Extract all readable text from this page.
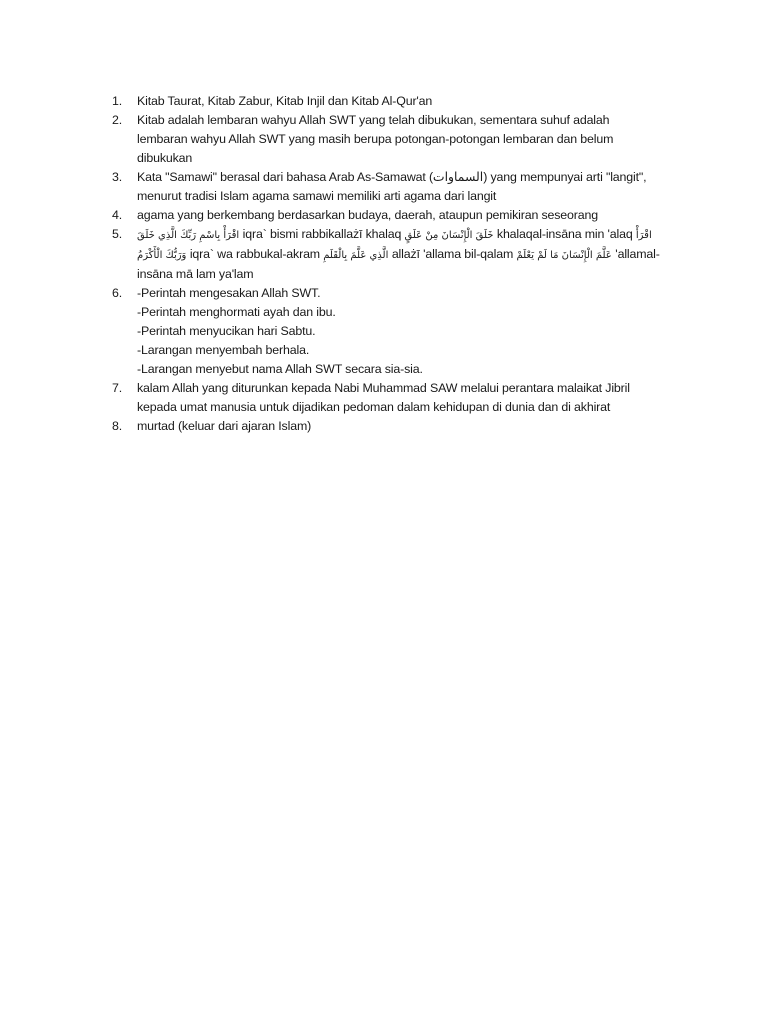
1.	Kitab Taurat, Kitab Zabur, Kitab Injil dan Kitab Al-Qur'an
2.	Kitab adalah lembaran wahyu Allah SWT yang telah dibukukan, sementara suhuf adalah
lembaran wahyu Allah SWT yang masih berupa potongan-potongan lembaran dan belum
dibukukan
3.	Kata "Samawi" berasal dari bahasa Arab As-Samawat (السماوات) yang mempunyai arti "langit",
menurut tradisi Islam agama samawi memiliki arti agama dari langit
4.	agama yang berkembang berdasarkan budaya, daerah, ataupun pemikiran seseorang
5.	اقْرَأْ بِاسْمِ رَبِّكَ الَّذِي خَلَقَ iqra` bismi rabbikallażī khalaq خَلَقَ الْإِنْسَانَ مِنْ عَلَقٍ khalaqal-insāna min 'alaq اقْرَأْ
وَرَبُّكَ الْأَكْرَمُ iqra` wa rabbukal-akram الَّذِي عَلَّمَ بِالْقَلَمِ allażī 'allama bil-qalam عَلَّمَ الْإِنْسَانَ مَا لَمْ يَعْلَمْ 'allamal-
insāna mā lam ya'lam
6.	-Perintah mengesakan Allah SWT.
-Perintah menghormati ayah dan ibu.
-Perintah menyucikan hari Sabtu.
-Larangan menyembah berhala.
-Larangan menyebut nama Allah SWT secara sia-sia.
7.	kalam Allah yang diturunkan kepada Nabi Muhammad SAW melalui perantara malaikat Jibril
kepada umat manusia untuk dijadikan pedoman dalam kehidupan di dunia dan di akhirat
8.	murtad (keluar dari ajaran Islam)
